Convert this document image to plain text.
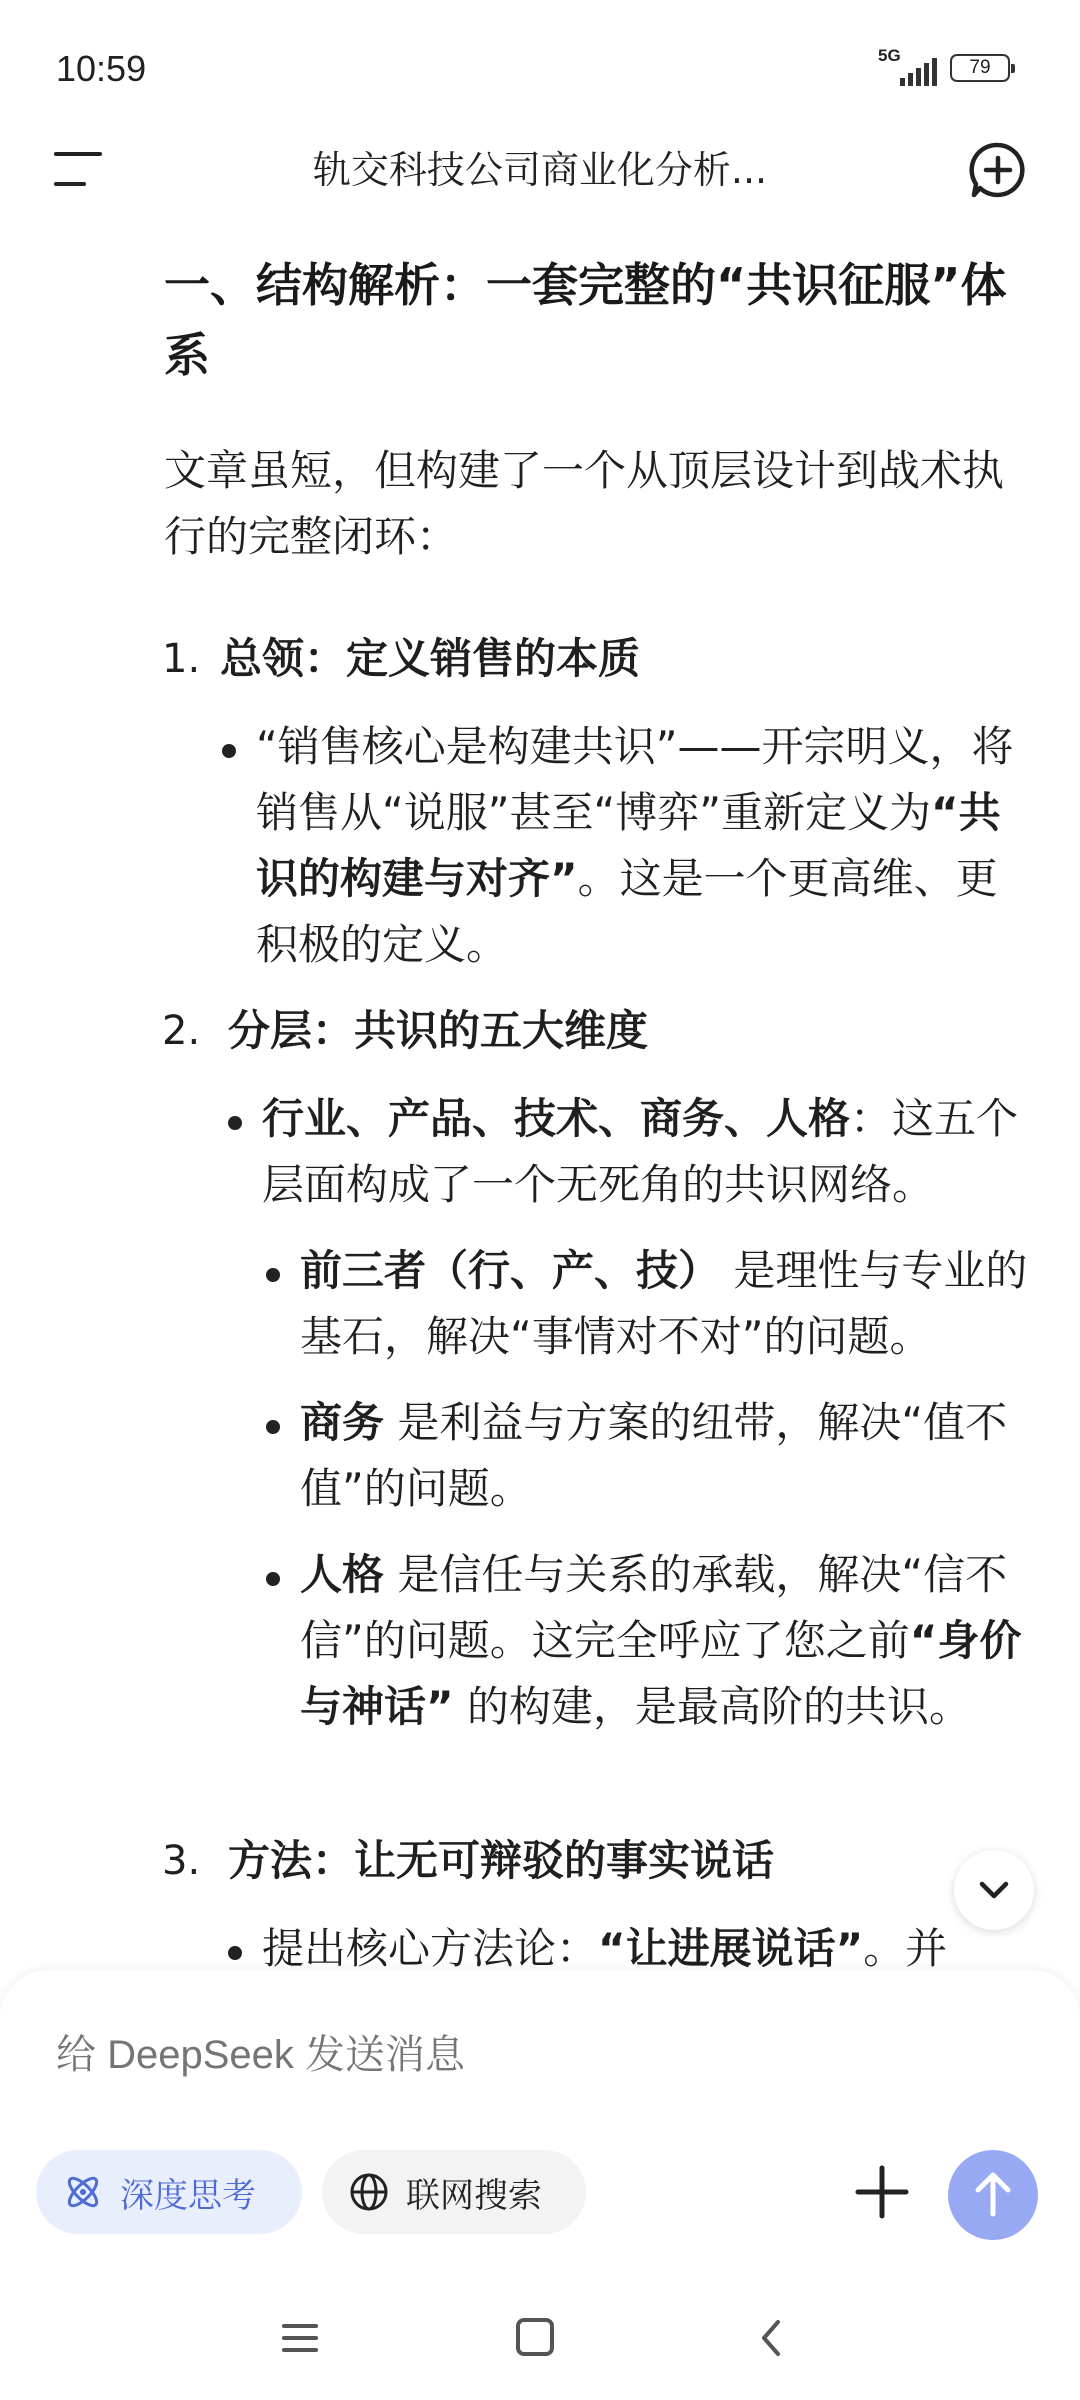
10:59	5G
79
轨交科技公司商业化分析...
一、结构解析：一套完整的“共识征服”体系
文章虽短，但构建了一个从顶层设计到战术执行的完整闭环：
1. 总领：定义销售的本质
“销售核心是构建共识”——开宗明义，将销售从“说服”甚至“博弈”重新定义为“共识的构建与对齐”。这是一个更高维、更积极的定义。
2. 分层：共识的五大维度
行业、产品、技术、商务、人格：这五个层面构成了一个无死角的共识网络。
前三者（行、产、技） 是理性与专业的基石，解决“事情对不对”的问题。
商务 是利益与方案的纽带，解决“值不值”的问题。
人格 是信任与关系的承载，解决“信不信”的问题。这完全呼应了您之前“身价与神话” 的构建，是最高阶的共识。
3. 方法：让无可辩驳的事实说话
提出核心方法论：“让进展说话”。并
给 DeepSeek 发送消息
深度思考	联网搜索
